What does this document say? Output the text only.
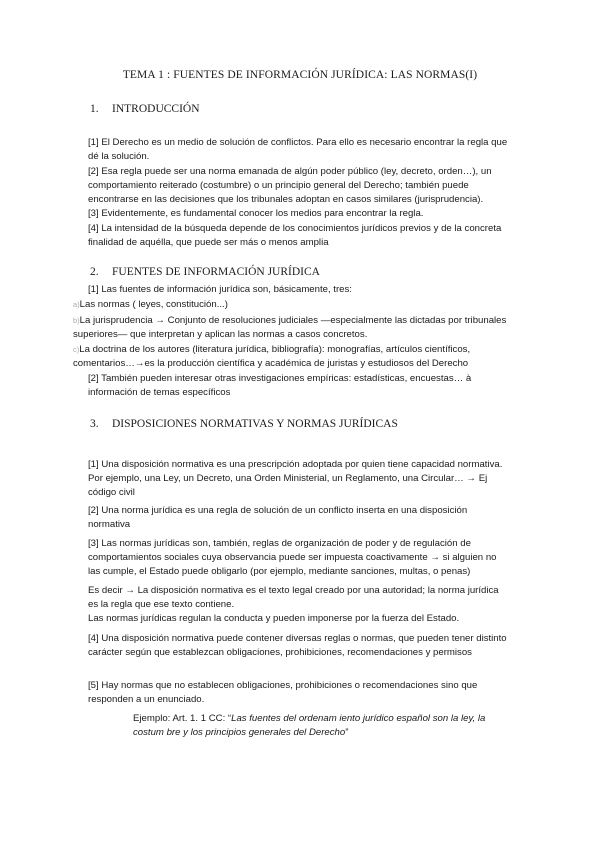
TEMA 1 : FUENTES DE INFORMACIÓN JURÍDICA: LAS NORMAS(I)
1. INTRODUCCIÓN
[1] El Derecho es un medio de solución de conflictos. Para ello es necesario encontrar la regla que dé la solución.
[2] Esa regla puede ser una norma emanada de algún poder público (ley, decreto, orden…), un comportamiento reiterado (costumbre) o un principio general del Derecho; también puede encontrarse en las decisiones que los tribunales adoptan en casos similares (jurisprudencia).
[3] Evidentemente, es fundamental conocer los medios para encontrar la regla.
[4] La intensidad de la búsqueda depende de los conocimientos jurídicos previos y de la concreta finalidad de aquélla, que puede ser más o menos amplia
2. FUENTES DE INFORMACIÓN JURÍDICA
[1] Las fuentes de información jurídica son, básicamente, tres:
a)Las normas ( leyes, constitución...)
b)La jurisprudencia → Conjunto de resoluciones judiciales —especialmente las dictadas por tribunales superiores— que interpretan y aplican las normas a casos concretos.
c)La doctrina de los autores (literatura jurídica, bibliografía): monografías, artículos científicos, comentarios…→es la producción científica y académica de juristas y estudiosos del Derecho
[2] También pueden interesar otras investigaciones empíricas: estadísticas, encuestas… à información de temas específicos
3. DISPOSICIONES NORMATIVAS Y NORMAS JURÍDICAS
[1] Una disposición normativa es una prescripción adoptada por quien tiene capacidad normativa. Por ejemplo, una Ley, un Decreto, una Orden Ministerial, un Reglamento, una Circular… → Ej código civil
[2] Una norma jurídica es una regla de solución de un conflicto inserta en una disposición normativa
[3] Las normas jurídicas son, también, reglas de organización de poder y de regulación de comportamientos sociales cuya observancia puede ser impuesta coactivamente → si alguien no las cumple, el Estado puede obligarlo (por ejemplo, mediante sanciones, multas, o penas)
Es decir → La disposición normativa es el texto legal creado por una autoridad; la norma jurídica es la regla que ese texto contiene.
Las normas jurídicas regulan la conducta y pueden imponerse por la fuerza del Estado.
[4] Una disposición normativa puede contener diversas reglas o normas, que pueden tener distinto carácter según que establezcan obligaciones, prohibiciones, recomendaciones y permisos
[5] Hay normas que no establecen obligaciones, prohibiciones o recomendaciones sino que responden a un enunciado.
Ejemplo: Art. 1. 1 CC: “Las fuentes del ordenam iento jurídico español son la ley, la costum bre y los principios generales del Derecho”
